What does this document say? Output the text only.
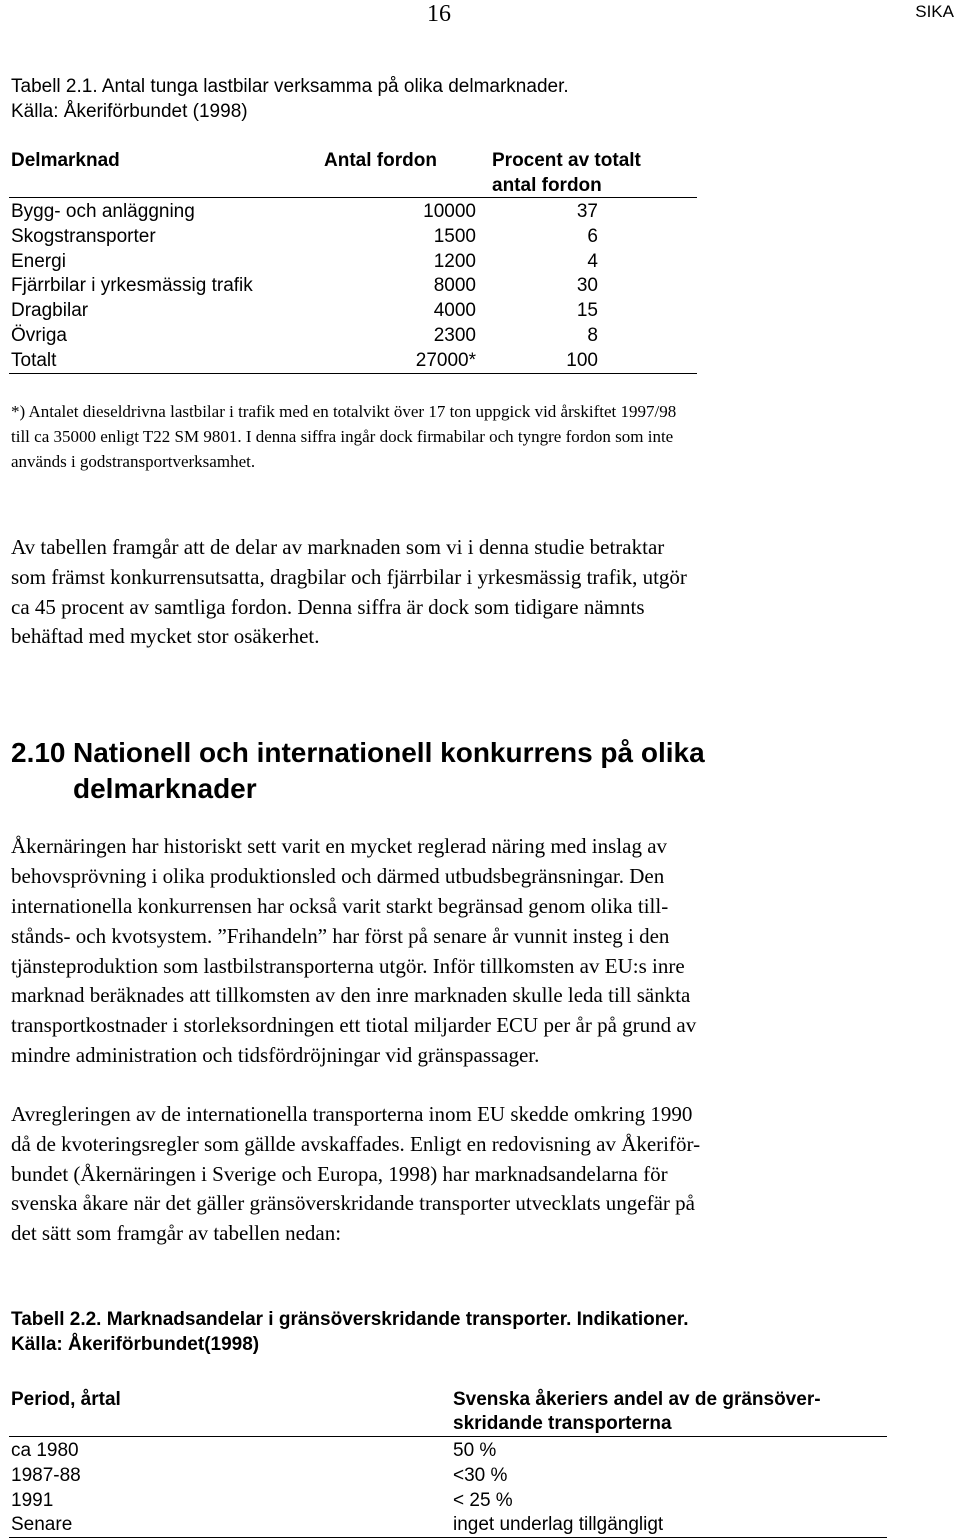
16	SIKA
Tabell 2.1. Antal tunga lastbilar verksamma på olika delmarknader.
Källa: Åkeriförbundet (1998)
Delmarknad	Antal fordon	Procent av totalt
antal fordon
Bygg- och anläggning	10000	37
Skogstransporter	1500	6
Energi	1200	4
Fjärrbilar i yrkesmässig trafik	8000	30
Dragbilar	4000	15
Övriga	2300	8
Totalt	27000*	100
*) Antalet dieseldrivna lastbilar i trafik med en totalvikt över 17 ton uppgick vid årskiftet 1997/98
till ca 35000 enligt T22 SM 9801. I denna siffra ingår dock firmabilar och tyngre fordon som inte
används i godstransportverksamhet.
Av tabellen framgår att de delar av marknaden som vi i denna studie betraktar
som främst konkurrensutsatta, dragbilar och fjärrbilar i yrkesmässig trafik, utgör
ca 45 procent av samtliga fordon. Denna siffra är dock som tidigare nämnts
behäftad med mycket stor osäkerhet.
2.10 Nationell och internationell konkurrens på olika
delmarknader
Åkernäringen har historiskt sett varit en mycket reglerad näring med inslag av
behovsprövning i olika produktionsled och därmed utbudsbegränsningar. Den
internationella konkurrensen har också varit starkt begränsad genom olika till-
stånds- och kvotsystem. ”Frihandeln” har först på senare år vunnit insteg i den
tjänsteproduktion som lastbilstransporterna utgör. Inför tillkomsten av EU:s inre
marknad beräknades att tillkomsten av den inre marknaden skulle leda till sänkta
transportkostnader i storleksordningen ett tiotal miljarder ECU per år på grund av
mindre administration och tidsfördröjningar vid gränspassager.
Avregleringen av de internationella transporterna inom EU skedde omkring 1990
då de kvoteringsregler som gällde avskaffades. Enligt en redovisning av Åkeriför-
bundet (Åkernäringen i Sverige och Europa, 1998) har marknadsandelarna för
svenska åkare när det gäller gränsöverskridande transporter utvecklats ungefär på
det sätt som framgår av tabellen nedan:
Tabell 2.2. Marknadsandelar i gränsöverskridande transporter. Indikationer.
Källa: Åkeriförbundet(1998)
Period, årtal	Svenska åkeriers andel av de gränsöver-
skridande transporterna
ca 1980	50 %
1987-88	<30 %
1991	< 25 %
Senare	inget underlag tillgängligt
